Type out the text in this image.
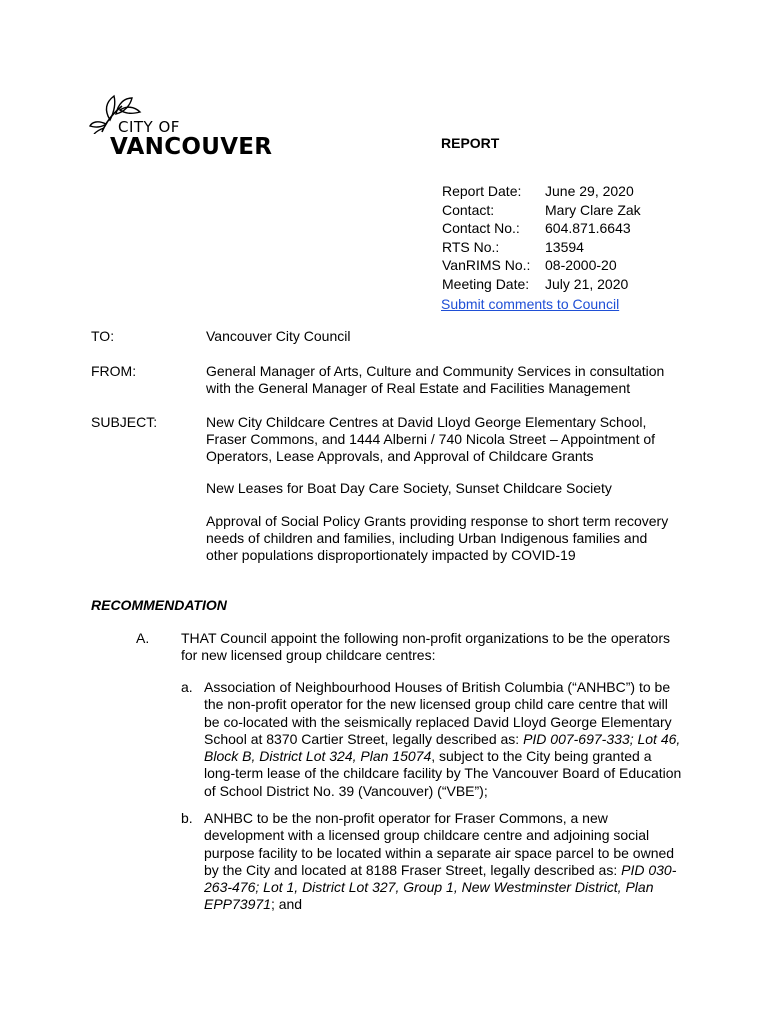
CITY OF
VANCOUVER	REPORT
Report Date: June 29, 2020
Contact:	Mary Clare Zak
Contact No.: 604.871.6643
RTS No.:	13594
VanRIMS No.: 08-2000-20
Meeting Date: July 21, 2020
Submit comments to Council
TO:	Vancouver City Council
FROM:	General Manager of Arts, Culture and Community Services in consultation

with the General Manager of Real Estate and Facilities Management

SUBJECT:	New City Childcare Centres at David Lloyd George Elementary School,

Fraser Commons, and 1444 Alberni / 740 Nicola Street – Appointment of

Operators, Lease Approvals, and Approval of Childcare Grants

New Leases for Boat Day Care Society, Sunset Childcare Society

Approval of Social Policy Grants providing response to short term recovery

needs of children and families, including Urban Indigenous families and

other populations disproportionately impacted by COVID-19

RECOMMENDATION
A. THAT Council appoint the following non-profit organizations to be the operators

for new licensed group childcare centres:

a. Association of Neighbourhood Houses of British Columbia (“ANHBC”) to be

the non-profit operator for the new licensed group child care centre that will

be co-located with the seismically replaced David Lloyd George Elementary

School at 8370 Cartier Street, legally described as: PID 007-697-333; Lot 46,

Block B, District Lot 324, Plan 15074, subject to the City being granted a

long-term lease of the childcare facility by The Vancouver Board of Education

of School District No. 39 (Vancouver) (“VBE”);

b. ANHBC to be the non-profit operator for Fraser Commons, a new

development with a licensed group childcare centre and adjoining social

purpose facility to be located within a separate air space parcel to be owned

by the City and located at 8188 Fraser Street, legally described as: PID 030-

263-476; Lot 1, District Lot 327, Group 1, New Westminster District, Plan

EPP73971; and
